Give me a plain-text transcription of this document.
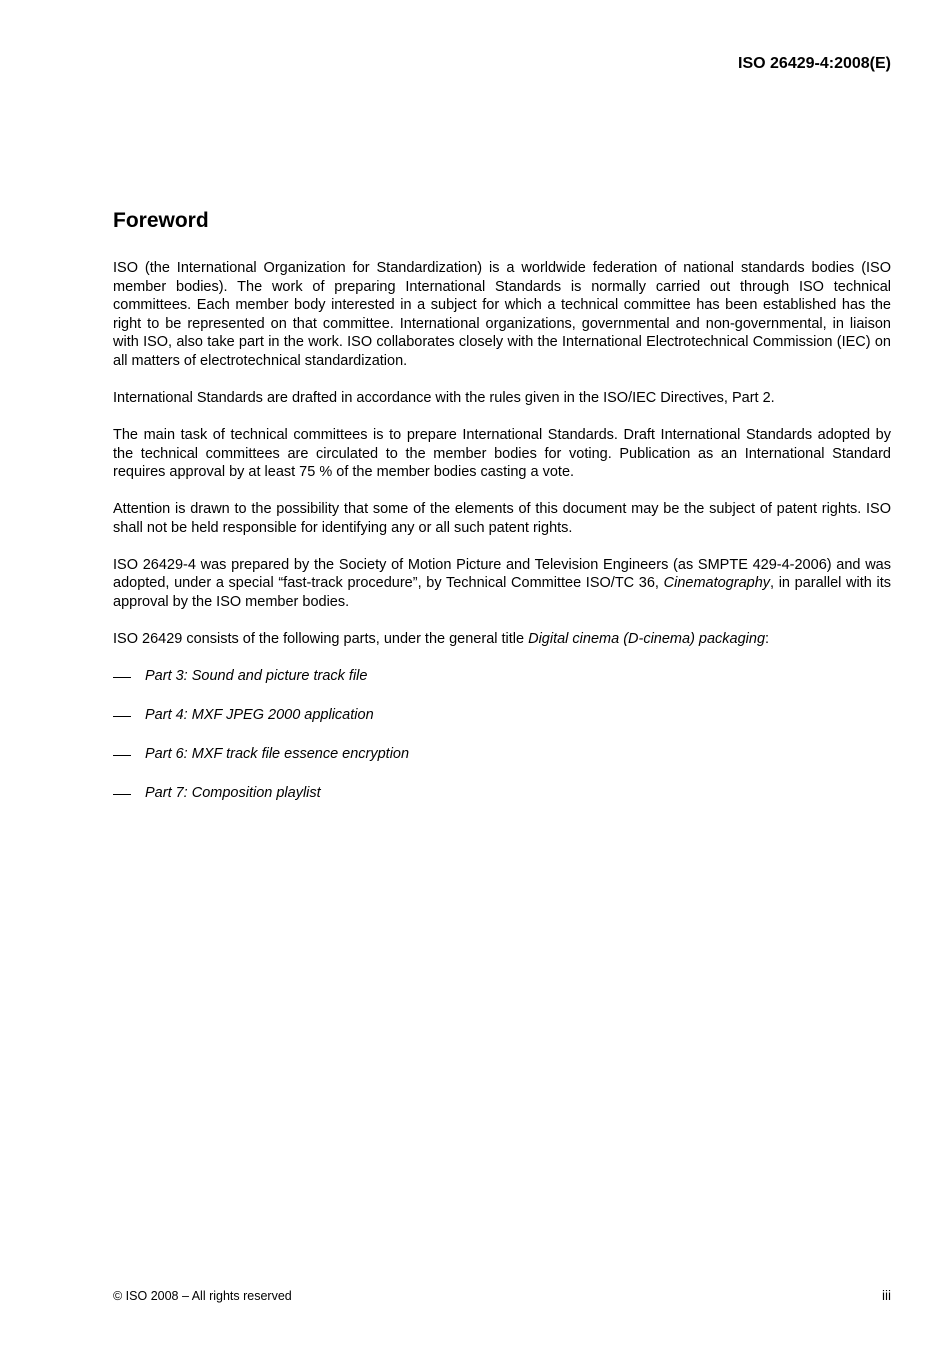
ISO 26429-4:2008(E)
Foreword

ISO (the International Organization for Standardization) is a worldwide federation of national standards bodies (ISO member bodies). The work of preparing International Standards is normally carried out through ISO technical committees. Each member body interested in a subject for which a technical committee has been established has the right to be represented on that committee. International organizations, governmental and non-governmental, in liaison with ISO, also take part in the work. ISO collaborates closely with the International Electrotechnical Commission (IEC) on all matters of electrotechnical standardization.

International Standards are drafted in accordance with the rules given in the ISO/IEC Directives, Part 2.

The main task of technical committees is to prepare International Standards. Draft International Standards adopted by the technical committees are circulated to the member bodies for voting. Publication as an International Standard requires approval by at least 75 % of the member bodies casting a vote.

Attention is drawn to the possibility that some of the elements of this document may be the subject of patent rights. ISO shall not be held responsible for identifying any or all such patent rights.

ISO 26429-4 was prepared by the Society of Motion Picture and Television Engineers (as SMPTE 429-4-2006) and was adopted, under a special “fast-track procedure”, by Technical Committee ISO/TC 36, Cinematography, in parallel with its approval by the ISO member bodies.

ISO 26429 consists of the following parts, under the general title Digital cinema (D-cinema) packaging:

Part 3: Sound and picture track file
Part 4: MXF JPEG 2000 application
Part 6: MXF track file essence encryption
Part 7: Composition playlist
© ISO 2008 – All rights reserved	iii
